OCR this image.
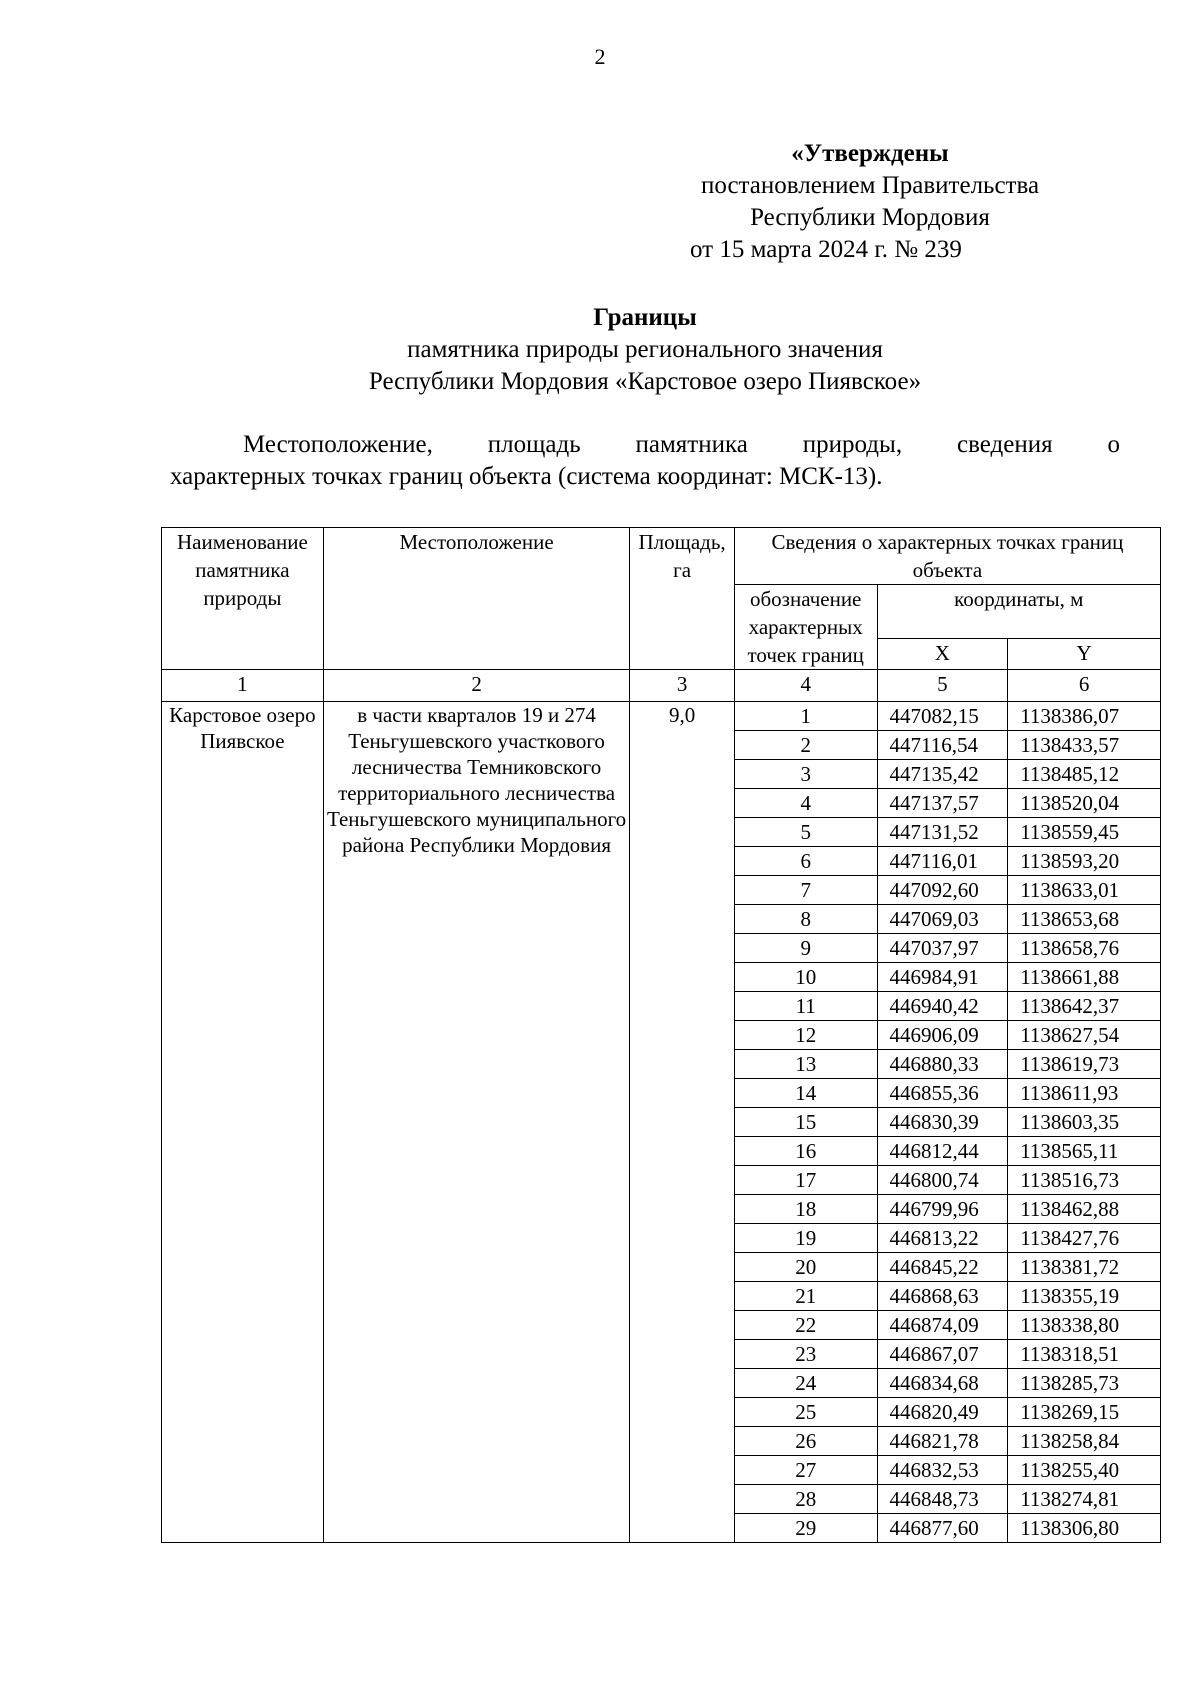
2
«Утверждены
постановлением Правительства
Республики Мордовия
от 15 марта 2024 г. № 239
Границы
памятника природы регионального значения
Республики Мордовия «Карстовое озеро Пиявское»
Местоположение, площадь памятника природы, сведения о
характерных точках границ объекта (система координат: МСК-13).
Наименование памятника природы	Местоположение	Площадь, га	Сведения о характерных точках границ объекта		
			обозначение характерных точек границ	координаты, м	
				X	Y
1	2	3	4	5	6
Карстовое озеро Пиявское	в части кварталов 19 и 274 Теньгушевского участкового лесничества Темниковского территориального лесничества Теньгушевского муниципального района Республики Мордовия	9,0	1	447082,15	1138386,07
			2	447116,54	1138433,57
			3	447135,42	1138485,12
			4	447137,57	1138520,04
			5	447131,52	1138559,45
			6	447116,01	1138593,20
			7	447092,60	1138633,01
			8	447069,03	1138653,68
			9	447037,97	1138658,76
			10	446984,91	1138661,88
			11	446940,42	1138642,37
			12	446906,09	1138627,54
			13	446880,33	1138619,73
			14	446855,36	1138611,93
			15	446830,39	1138603,35
			16	446812,44	1138565,11
			17	446800,74	1138516,73
			18	446799,96	1138462,88
			19	446813,22	1138427,76
			20	446845,22	1138381,72
			21	446868,63	1138355,19
			22	446874,09	1138338,80
			23	446867,07	1138318,51
			24	446834,68	1138285,73
			25	446820,49	1138269,15
			26	446821,78	1138258,84
			27	446832,53	1138255,40
			28	446848,73	1138274,81
			29	446877,60	1138306,80
